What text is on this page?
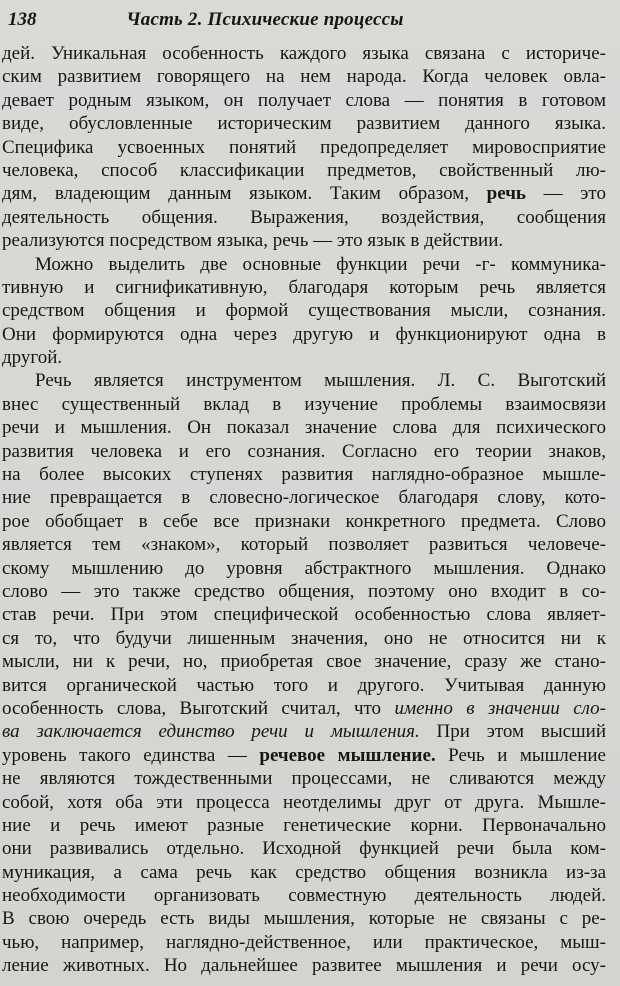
138	Часть 2. Психические процессы
дей. Уникальная особенность каждого языка связана с историче-
ским развитием говорящего на нем народа. Когда человек овла-
девает родным языком, он получает слова — понятия в готовом
виде, обусловленные историческим развитием данного языка.
Специфика усвоенных понятий предопределяет мировосприятие
человека, способ классификации предметов, свойственный лю-
дям, владеющим данным языком. Таким образом, речь — это
деятельность общения. Выражения, воздействия, сообщения
реализуются посредством языка, речь — это язык в действии.
Можно выделить две основные функции речи -г- коммуника-
тивную и сигнификативную, благодаря которым речь является
средством общения и формой существования мысли, сознания.
Они формируются одна через другую и функционируют одна в
другой.
Речь является инструментом мышления. Л. С. Выготский
внес существенный вклад в изучение проблемы взаимосвязи
речи и мышления. Он показал значение слова для психического
развития человека и его сознания. Согласно его теории знаков,
на более высоких ступенях развития наглядно-образное мышле-
ние превращается в словесно-логическое благодаря слову, кото-
рое обобщает в себе все признаки конкретного предмета. Слово
является тем «знаком», который позволяет развиться человече-
скому мышлению до уровня абстрактного мышления. Однако
слово — это также средство общения, поэтому оно входит в со-
став речи. При этом специфической особенностью слова являет-
ся то, что будучи лишенным значения, оно не относится ни к
мысли, ни к речи, но, приобретая свое значение, сразу же стано-
вится органической частью того и другого. Учитывая данную
особенность слова, Выготский считал, что именно в значении сло-
ва заключается единство речи и мышления. При этом высший
уровень такого единства — речевое мышление. Речь и мышление
не являются тождественными процессами, не сливаются между
собой, хотя оба эти процесса неотделимы друг от друга. Мышле-
ние и речь имеют разные генетические корни. Первоначально
они развивались отдельно. Исходной функцией речи была ком-
муникация, а сама речь как средство общения возникла из-за
необходимости организовать совместную деятельность людей.
В свою очередь есть виды мышления, которые не связаны с ре-
чью, например, наглядно-действенное, или практическое, мыш-
ление животных. Но дальнейшее развитее мышления и речи осу-
